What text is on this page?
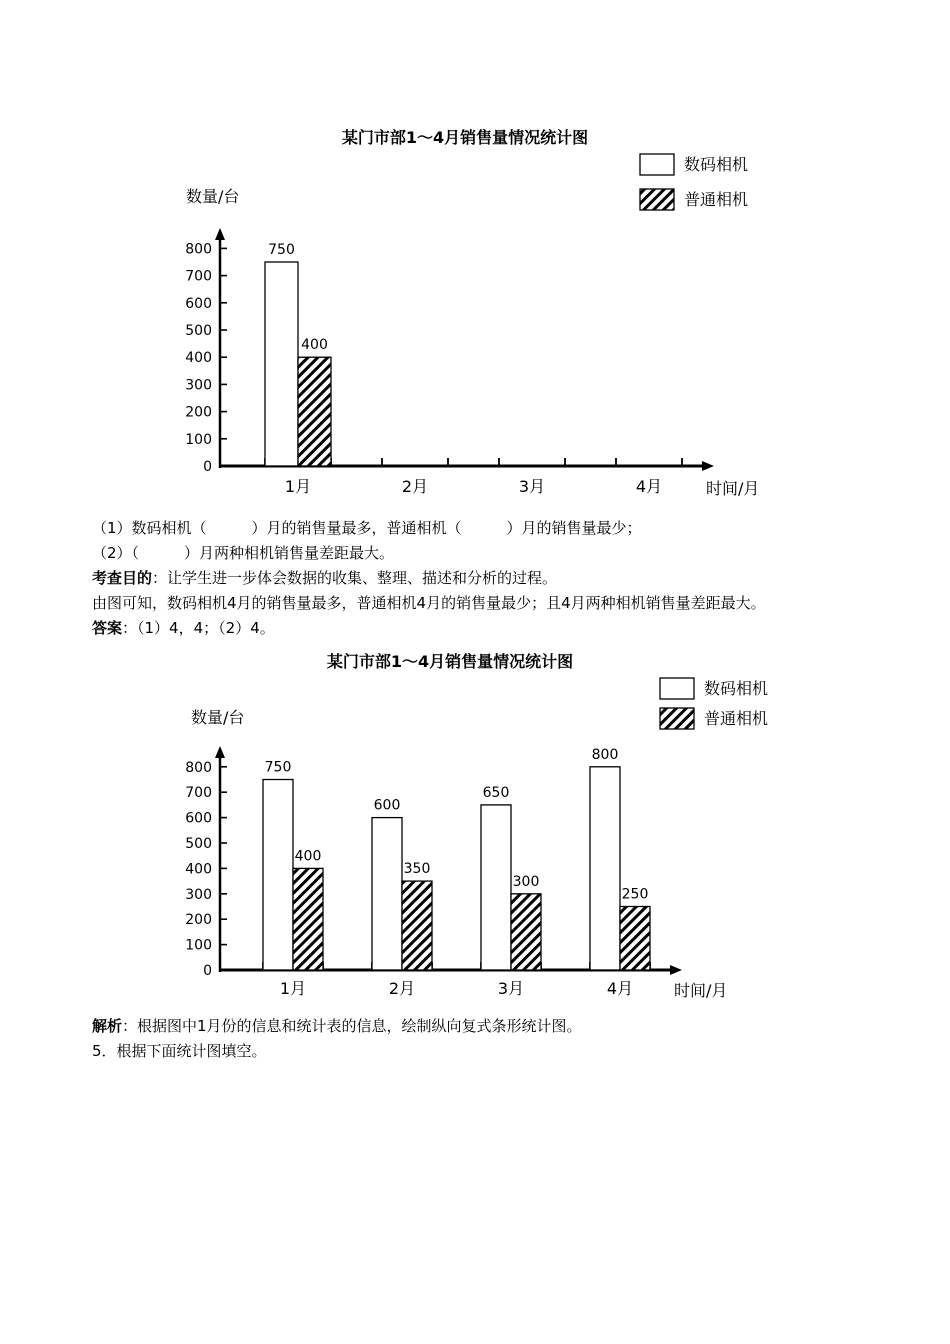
某门市部1～4月销售量情况统计图
数码相机
普通相机
数量/台
0
100
200
300
400
500
600
700
800
时间/月
1月
750
400
2月	3月	4月
（1）数码相机（　　　）月的销售量最多，普通相机（　　　）月的销售量最少；
（2）（　　　）月两种相机销售量差距最大。
考查目的：让学生进一步体会数据的收集、整理、描述和分析的过程。
由图可知，数码相机4月的销售量最多，普通相机4月的销售量最少；且4月两种相机销售量差距最大。
答案：（1）4，4；（2）4。
某门市部1～4月销售量情况统计图
数码相机
普通相机
数量/台
0
100
200
300
400
500
600
700
800
时间/月
1月
750
400
2月
600
350
3月
650
300
4月
800
250
解析：根据图中1月份的信息和统计表的信息，绘制纵向复式条形统计图。
5．根据下面统计图填空。
